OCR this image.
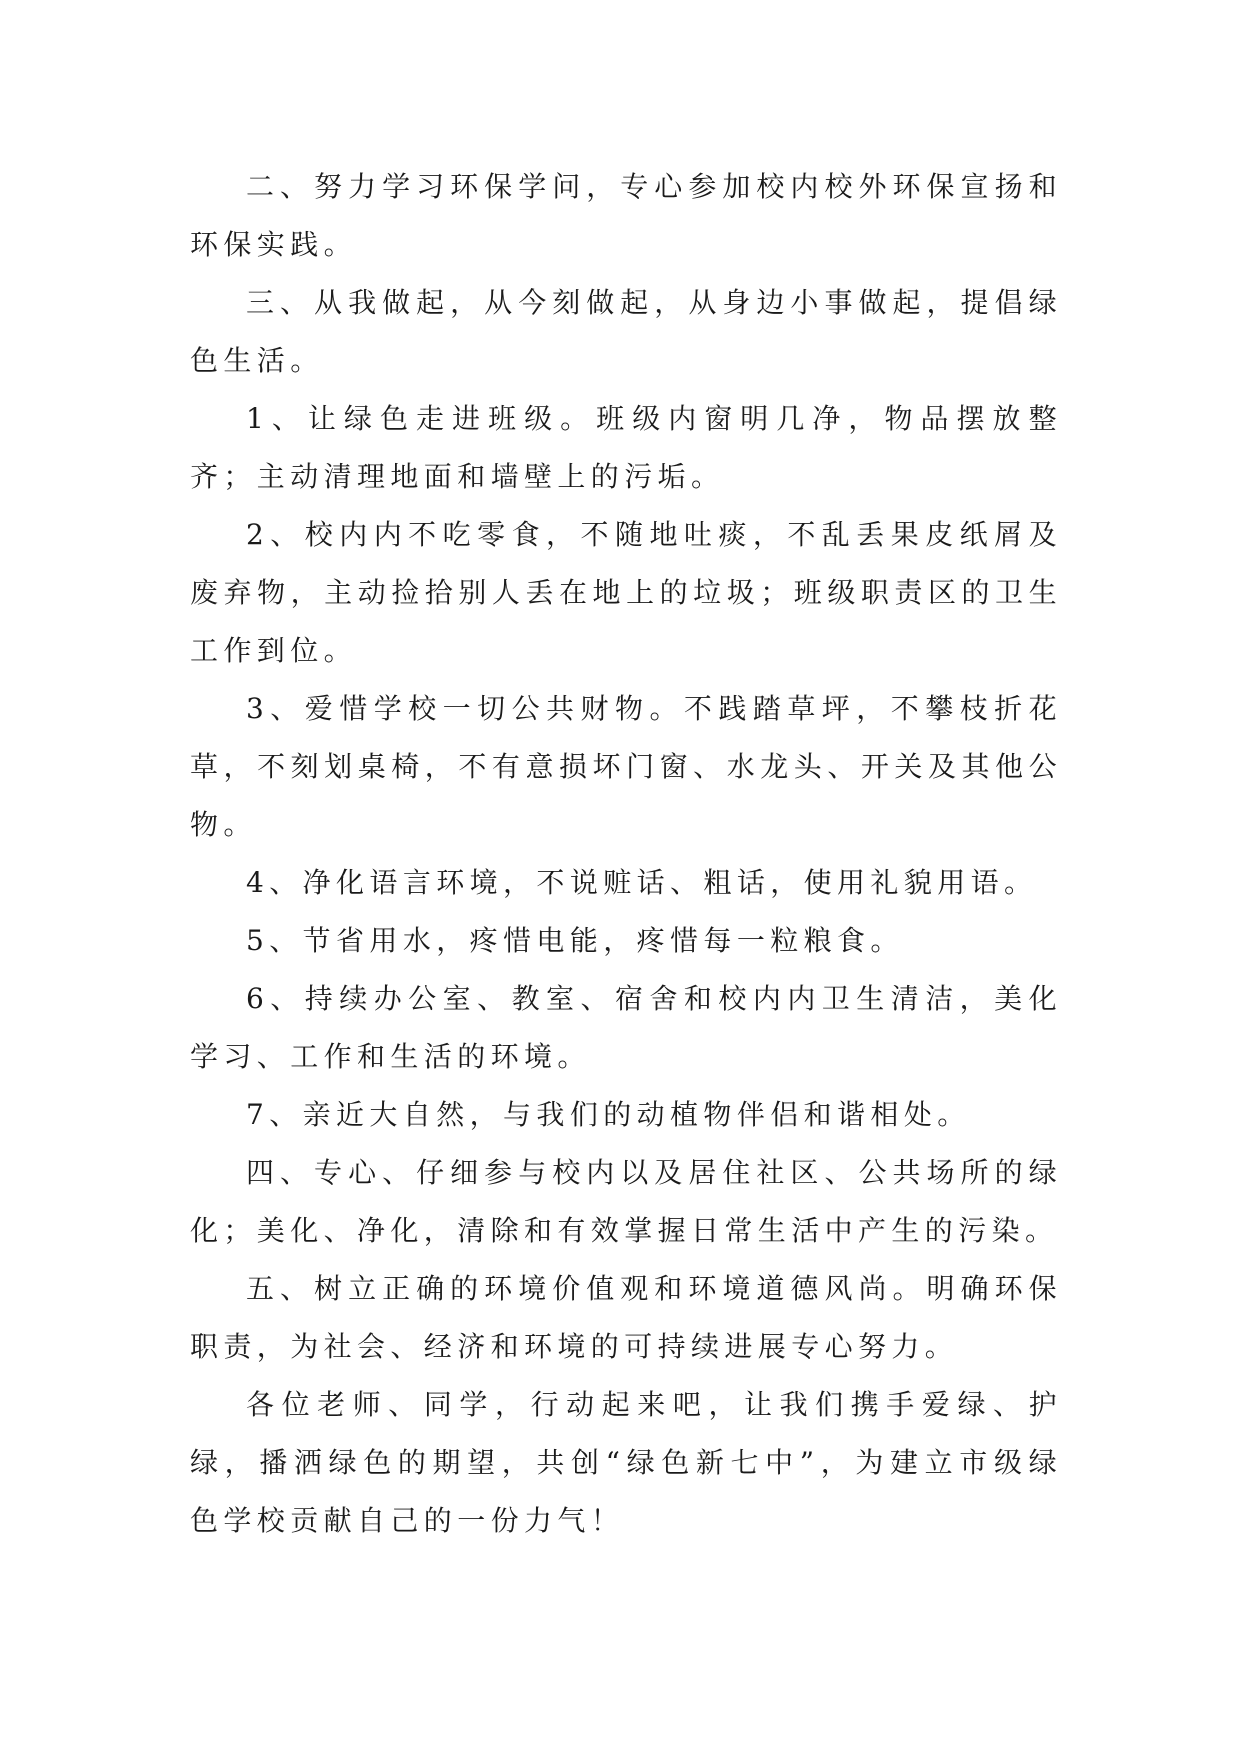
二、努力学习环保学问，专心参加校内校外环保宣扬和环保实践。

三、从我做起，从今刻做起，从身边小事做起，提倡绿色生活。

1、让绿色走进班级。班级内窗明几净，物品摆放整齐；主动清理地面和墙壁上的污垢。

2、校内内不吃零食，不随地吐痰，不乱丢果皮纸屑及废弃物，主动捡拾别人丢在地上的垃圾；班级职责区的卫生工作到位。

3、爱惜学校一切公共财物。不践踏草坪，不攀枝折花草，不刻划桌椅，不有意损坏门窗、水龙头、开关及其他公物。

4、净化语言环境，不说赃话、粗话，使用礼貌用语。

5、节省用水，疼惜电能，疼惜每一粒粮食。

6、持续办公室、教室、宿舍和校内内卫生清洁，美化学习、工作和生活的环境。

7、亲近大自然，与我们的动植物伴侣和谐相处。

四、专心、仔细参与校内以及居住社区、公共场所的绿化；美化、净化，清除和有效掌握日常生活中产生的污染。

五、树立正确的环境价值观和环境道德风尚。明确环保职责，为社会、经济和环境的可持续进展专心努力。

各位老师、同学，行动起来吧，让我们携手爱绿、护绿，播洒绿色的期望，共创“绿色新七中”，为建立市级绿色学校贡献自己的一份力气！
